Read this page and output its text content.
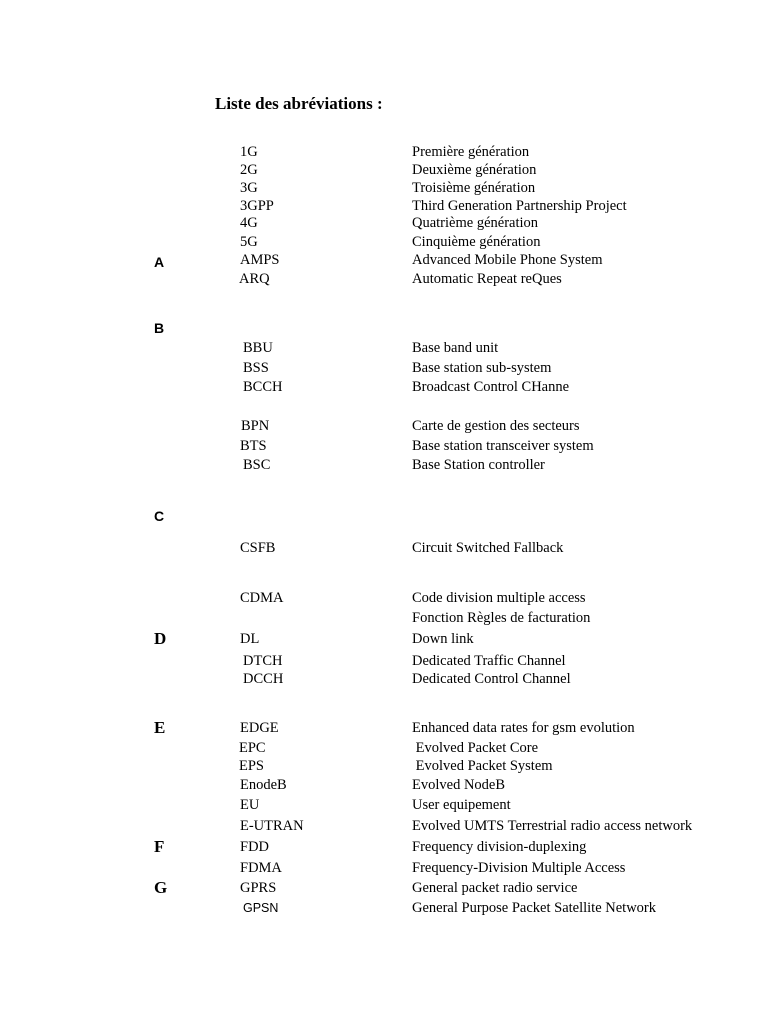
Liste des abréviations :
A
B
C
D
E
F
G
1G	Première génération
2G	Deuxième génération
3G	Troisième génération
3GPP	Third Generation Partnership Project
4G	Quatrième génération
5G	Cinquième génération
AMPS	Advanced Mobile Phone System
ARQ	Automatic Repeat reQues
BBU	Base band unit
BSS	Base station sub-system
BCCH	Broadcast Control CHanne
BPN	Carte de gestion des secteurs
BTS	Base station transceiver system
BSC	Base Station controller
CSFB	Circuit Switched Fallback
CDMA	Code division multiple access
Fonction Règles de facturation
DL	Down link
DTCH	Dedicated Traffic Channel
DCCH	Dedicated Control Channel
EDGE	Enhanced data rates for gsm evolution
EPC	Evolved Packet Core
EPS	Evolved Packet System
EnodeB	Evolved NodeB
EU	User equipement
E-UTRAN	Evolved UMTS Terrestrial radio access network
FDD	Frequency division-duplexing
FDMA	Frequency-Division Multiple Access
GPRS	General packet radio service
GPSN	General Purpose Packet Satellite Network
